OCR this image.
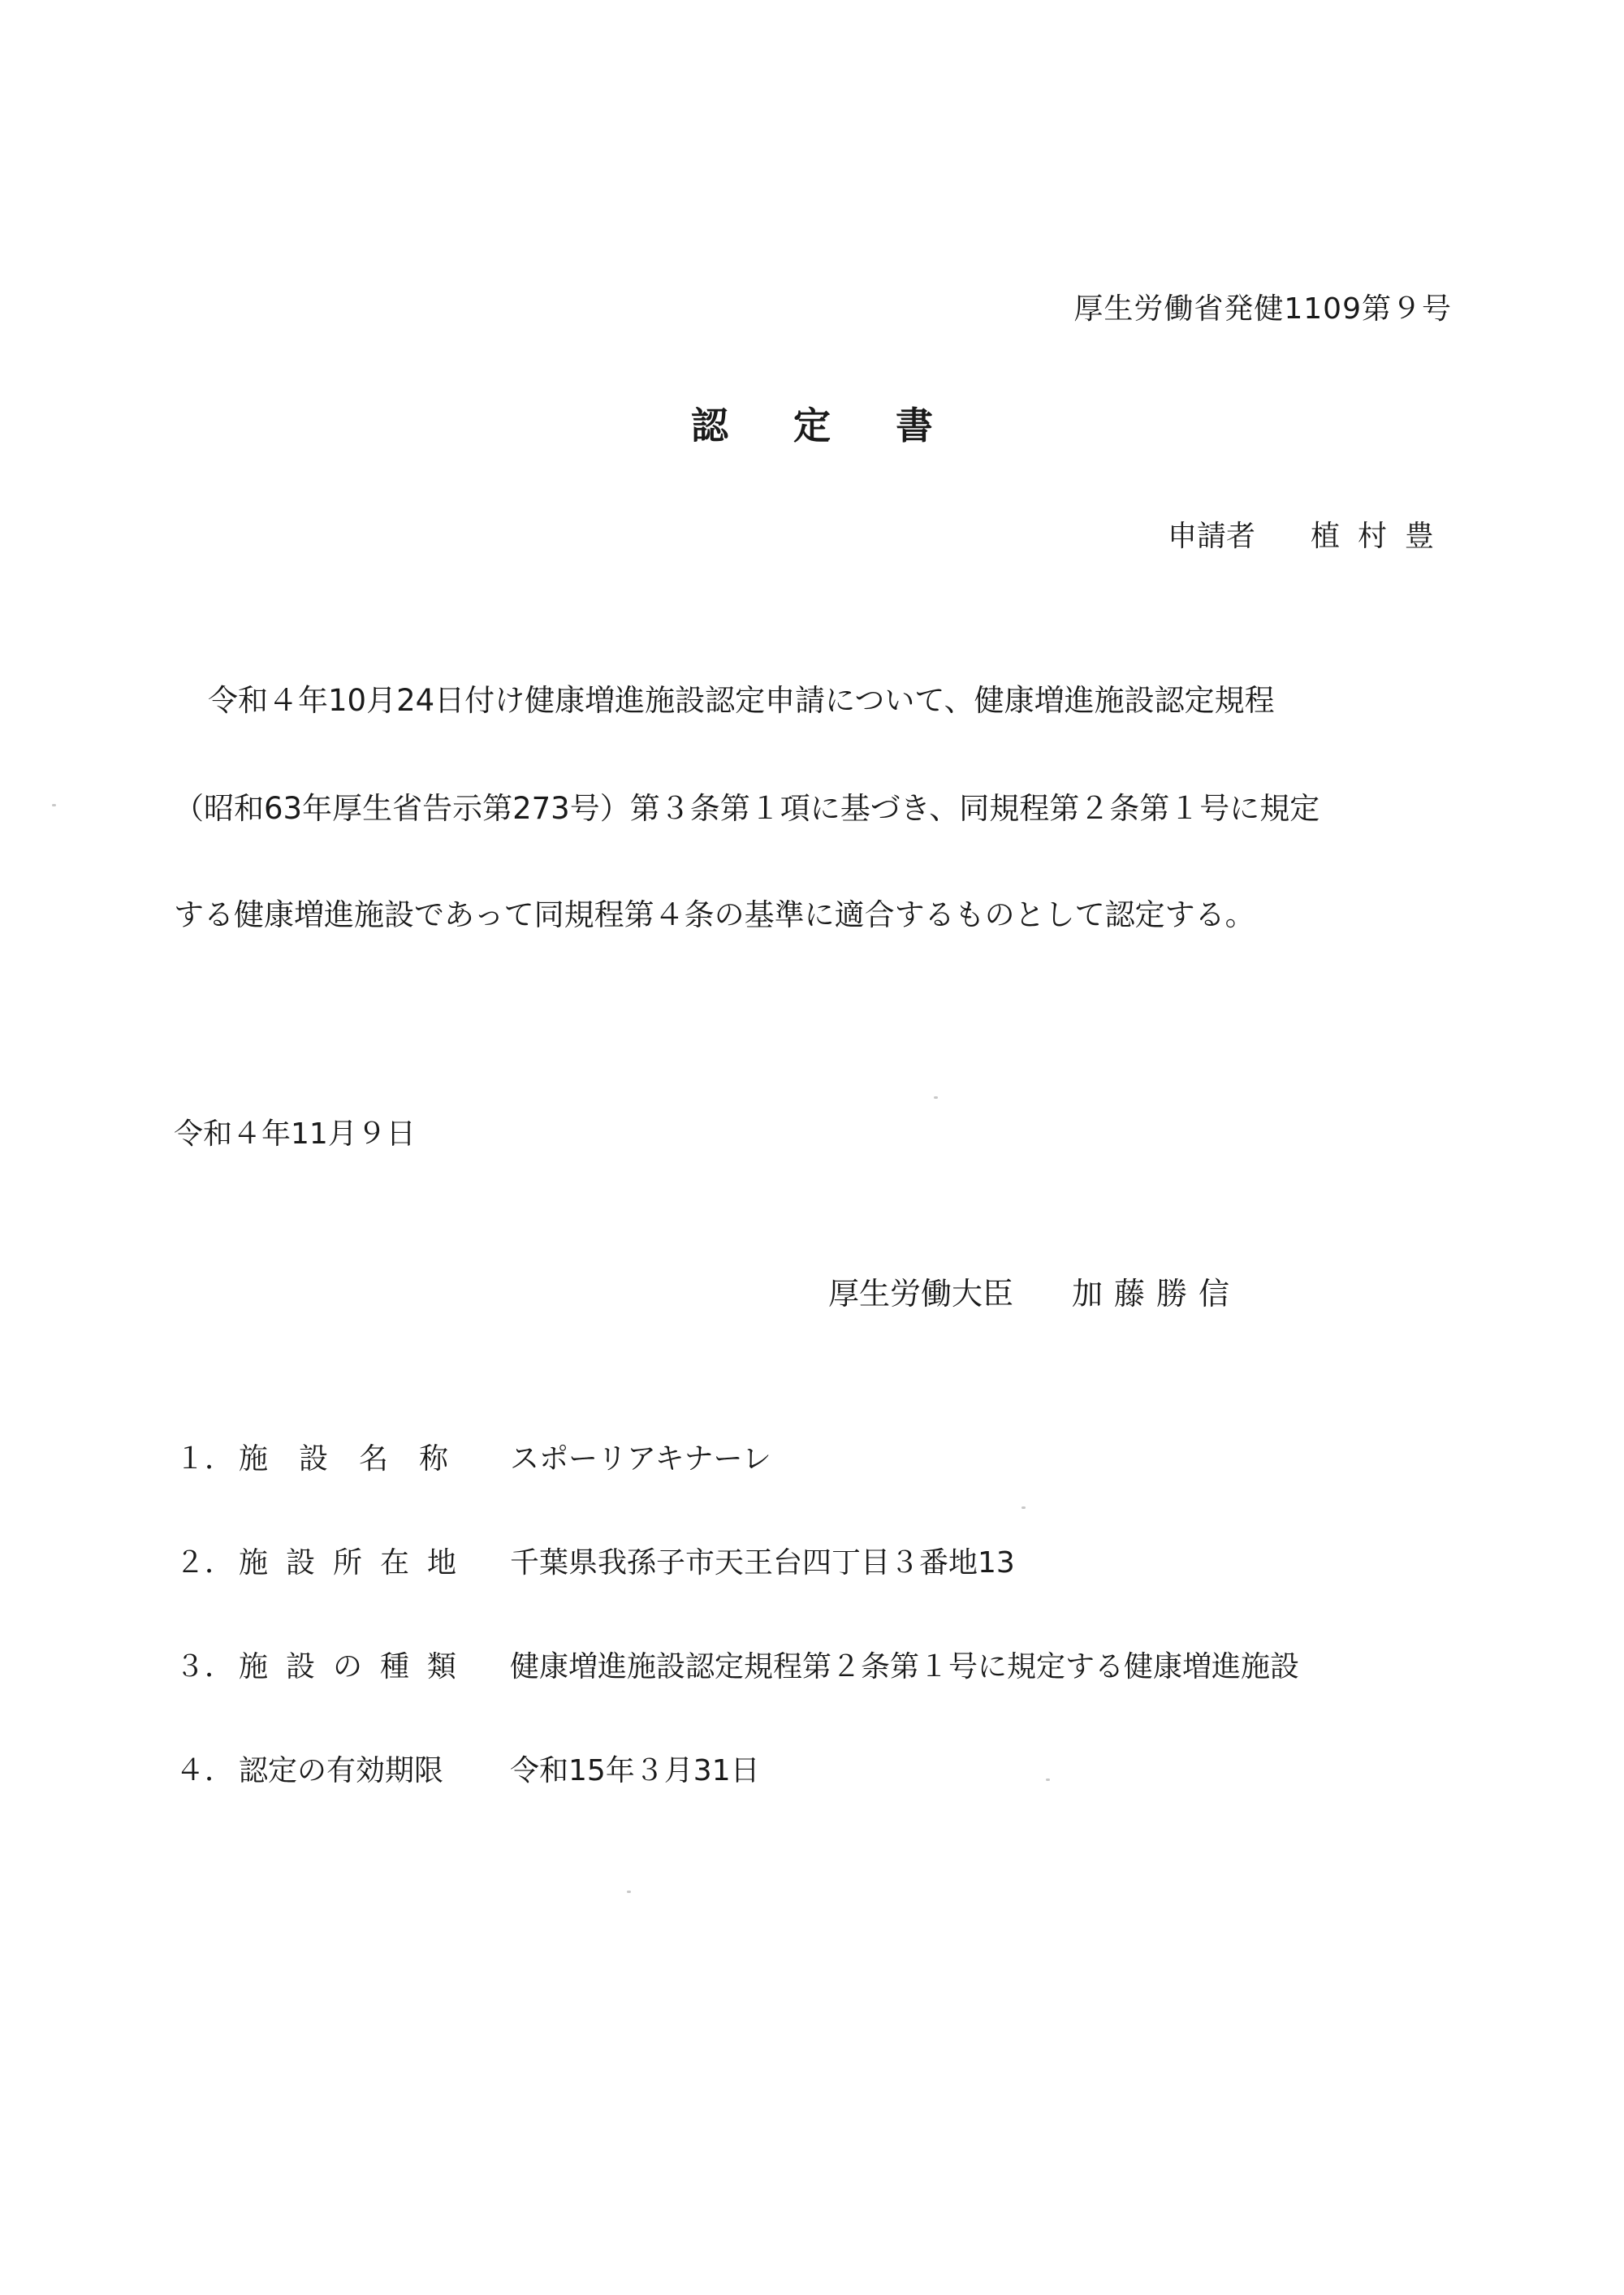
厚生労働省発健1109第９号
認定書
申請者 植村豊
令和４年10月24日付け健康増進施設認定申請について、健康増進施設認定規程
（昭和63年厚生省告示第273号）第３条第１項に基づき、同規程第２条第１号に規定
する健康増進施設であって同規程第４条の基準に適合するものとして認定する。
令和４年11月９日
厚生労働大臣 加藤勝信
１． 施設名称 スポーリアキナーレ
２． 施設所在地 千葉県我孫子市天王台四丁目３番地13
３． 施設の種類 健康増進施設認定規程第２条第１号に規定する健康増進施設
４． 認定の有効期限 令和15年３月31日
